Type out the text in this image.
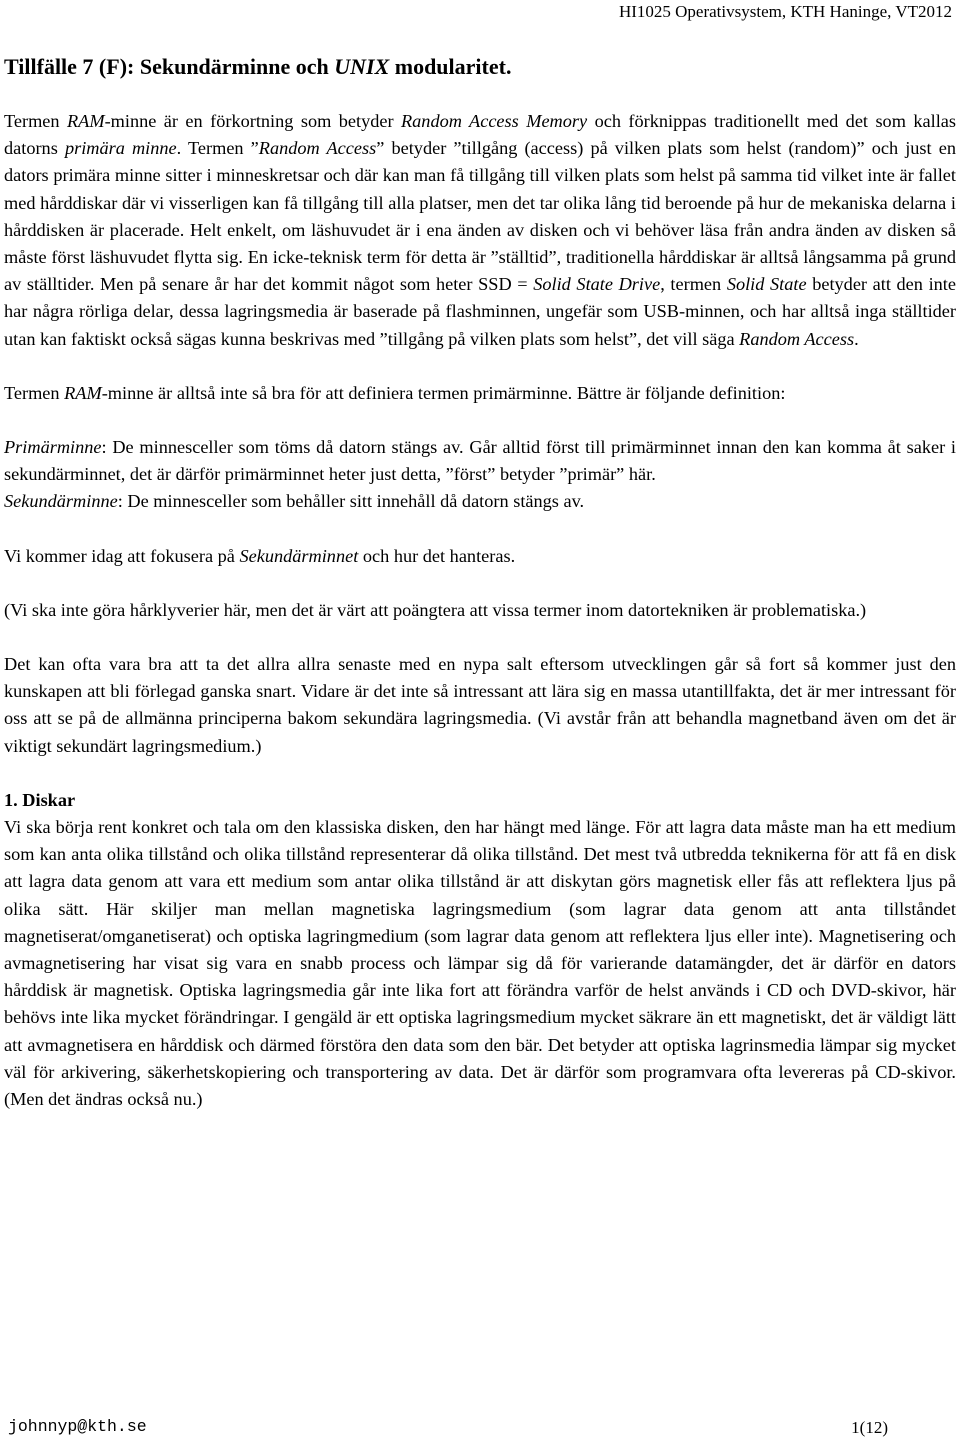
HI1025 Operativsystem, KTH Haninge, VT2012
Tillfälle 7 (F): Sekundärminne och UNIX modularitet.

Termen RAM-minne är en förkortning som betyder Random Access Memory och förknippas traditionellt med det som kallas datorns primära minne. Termen ”Random Access” betyder ”tillgång (access) på vilken plats som helst (random)” och just en dators primära minne sitter i minneskretsar och där kan man få tillgång till vilken plats som helst på samma tid vilket inte är fallet med hårddiskar där vi visserligen kan få tillgång till alla platser, men det tar olika lång tid beroende på hur de mekaniska delarna i hårddisken är placerade. Helt enkelt, om läshuvudet är i ena änden av disken och vi behöver läsa från andra änden av disken så måste först läshuvudet flytta sig. En icke-teknisk term för detta är ”ställtid”, traditionella hårddiskar är alltså långsamma på grund av ställtider. Men på senare år har det kommit något som heter SSD = Solid State Drive, termen Solid State betyder att den inte har några rörliga delar, dessa lagringsmedia är baserade på flashminnen, ungefär som USB-minnen, och har alltså inga ställtider utan kan faktiskt också sägas kunna beskrivas med ”tillgång på vilken plats som helst”, det vill säga Random Access.

Termen RAM-minne är alltså inte så bra för att definiera termen primärminne. Bättre är följande definition:

Primärminne: De minnesceller som töms då datorn stängs av. Går alltid först till primärminnet innan den kan komma åt saker i sekundärminnet, det är därför primärminnet heter just detta, ”först” betyder ”primär” här.

Sekundärminne: De minnesceller som behåller sitt innehåll då datorn stängs av.

Vi kommer idag att fokusera på Sekundärminnet och hur det hanteras.

(Vi ska inte göra hårklyverier här, men det är värt att poängtera att vissa termer inom datortekniken är problematiska.)

Det kan ofta vara bra att ta det allra allra senaste med en nypa salt eftersom utvecklingen går så fort så kommer just den kunskapen att bli förlegad ganska snart. Vidare är det inte så intressant att lära sig en massa utantillfakta, det är mer intressant för oss att se på de allmänna principerna bakom sekundära lagringsmedia. (Vi avstår från att behandla magnetband även om det är viktigt sekundärt lagringsmedium.)

1. Diskar

Vi ska börja rent konkret och tala om den klassiska disken, den har hängt med länge. För att lagra data måste man ha ett medium som kan anta olika tillstånd och olika tillstånd representerar då olika tillstånd. Det mest två utbredda teknikerna för att få en disk att lagra data genom att vara ett medium som antar olika tillstånd är att diskytan görs magnetisk eller fås att reflektera ljus på olika sätt. Här skiljer man mellan magnetiska lagringsmedium (som lagrar data genom att anta tillståndet magnetiserat/omganetiserat) och optiska lagringmedium (som lagrar data genom att reflektera ljus eller inte). Magnetisering och avmagnetisering har visat sig vara en snabb process och lämpar sig då för varierande datamängder, det är därför en dators hårddisk är magnetisk. Optiska lagringsmedia går inte lika fort att förändra varför de helst används i CD och DVD-skivor, här behövs inte lika mycket förändringar. I gengäld är ett optiska lagringsmedium mycket säkrare än ett magnetiskt, det är väldigt lätt att avmagnetisera en hårddisk och därmed förstöra den data som den bär. Det betyder att optiska lagrinsmedia lämpar sig mycket väl för arkivering, säkerhetskopiering och transportering av data. Det är därför som programvara ofta levereras på CD-skivor. (Men det ändras också nu.)

johnnyp@kth.se	1(12)
